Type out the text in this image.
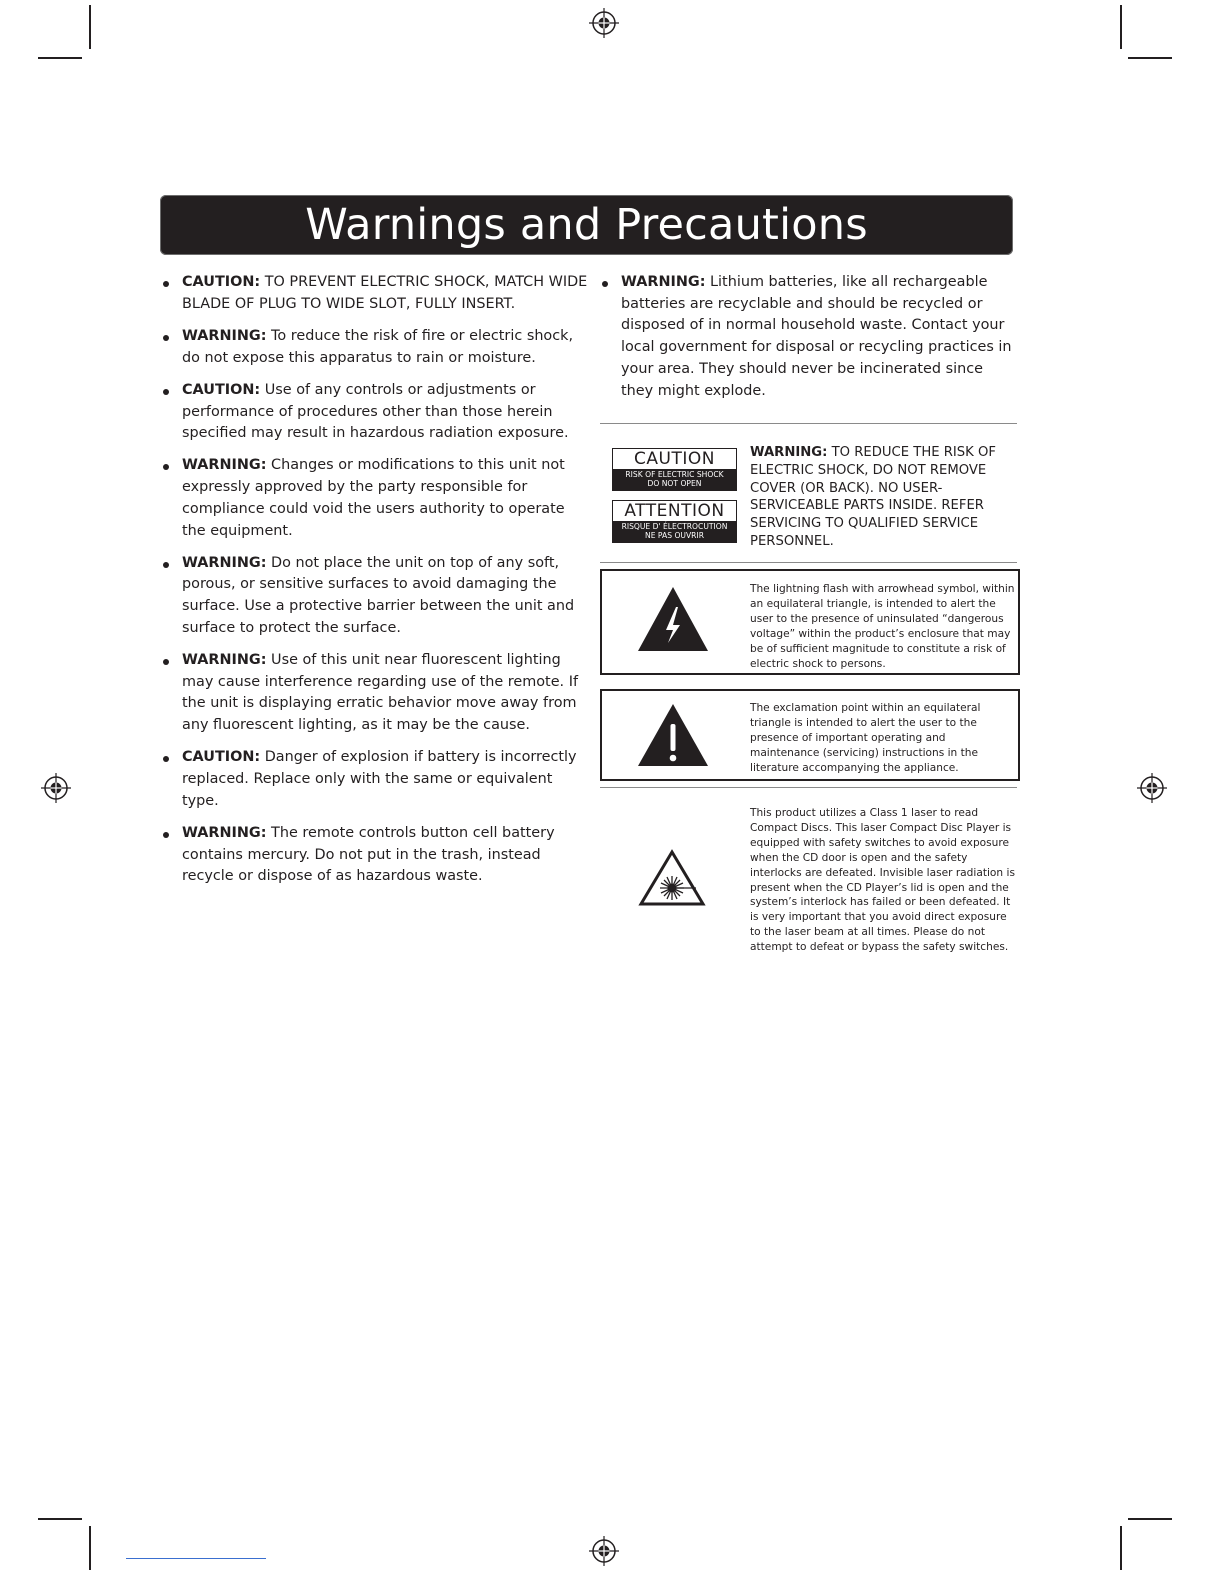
Warnings and Precautions
CAUTION: TO PREVENT ELECTRIC SHOCK, MATCH WIDE BLADE OF PLUG TO WIDE SLOT, FULLY INSERT.
WARNING: To reduce the risk of fire or electric shock, do not expose this apparatus to rain or moisture.
CAUTION: Use of any controls or adjustments or performance of procedures other than those herein specified may result in hazardous radiation exposure.
WARNING: Changes or modifications to this unit not expressly approved by the party responsible for compliance could void the users authority to operate the equipment.
WARNING: Do not place the unit on top of any soft, porous, or sensitive surfaces to avoid damaging the surface. Use a protective barrier between the unit and surface to protect the surface.
WARNING: Use of this unit near fluorescent lighting may cause interference regarding use of the remote. If the unit is displaying erratic behavior move away from any fluorescent lighting, as it may be the cause.
CAUTION: Danger of explosion if battery is incorrectly replaced. Replace only with the same or equivalent type.
WARNING: The remote controls button cell battery contains mercury. Do not put in the trash, instead recycle or dispose of as hazardous waste.
WARNING: Lithium batteries, like all rechargeable batteries are recyclable and should be recycled or disposed of in normal household waste. Contact your local government for disposal or recycling practices in your area. They should never be incinerated since they might explode.
CAUTION
RISK OF ELECTRIC SHOCK
DO NOT OPEN
ATTENTION
RISQUE D' ÉLECTROCUTION
NE PAS OUVRIR
WARNING: TO REDUCE THE RISK OF ELECTRIC SHOCK, DO NOT REMOVE COVER (OR BACK). NO USER-SERVICEABLE PARTS INSIDE. REFER SERVICING TO QUALIFIED SERVICE PERSONNEL.
The lightning flash with arrowhead symbol, within an equilateral triangle, is intended to alert the user to the presence of uninsulated “dangerous voltage” within the product’s enclosure that may be of sufficient magnitude to constitute a risk of electric shock to persons.
The exclamation point within an equilateral triangle is intended to alert the user to the presence of important operating and maintenance (servicing) instructions in the literature accompanying the appliance.
This product utilizes a Class 1 laser to read Compact Discs. This laser Compact Disc Player is equipped with safety switches to avoid exposure when the CD door is open and the safety interlocks are defeated. Invisible laser radiation is present when the CD Player’s lid is open and the system’s interlock has failed or been defeated. It is very important that you avoid direct exposure to the laser beam at all times. Please do not attempt to defeat or bypass the safety switches.
